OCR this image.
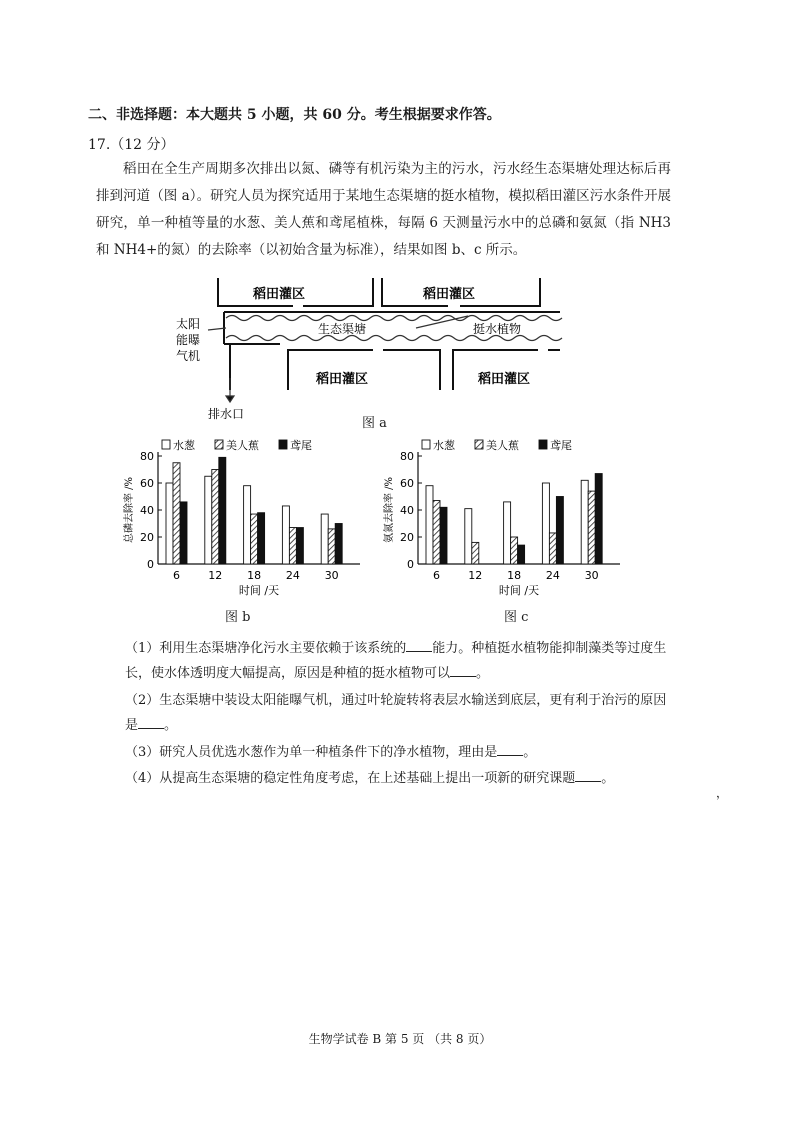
二、非选择题：本大题共 5 小题，共 60 分。考生根据要求作答。
17.（12 分）
稻田在全生产周期多次排出以氮、磷等有机污染为主的污水，污水经生态渠塘处理达标后再排到河道（图 a）。研究人员为探究适用于某地生态渠塘的挺水植物，模拟稻田灌区污水条件开展研究，单一种植等量的水葱、美人蕉和鸢尾植株，每隔 6 天测量污水中的总磷和氨氮（指 NH3 和 NH4+的氮）的去除率（以初始含量为标准），结果如图 b、c 所示。
稻田灌区	稻田灌区
稻田灌区	稻田灌区
太阳
能曝
气机
生态渠塘	挺水植物
排水口
图 a
0
20
40
60
80
总磷去除率 /%
时间 /天
6	12 18 24 30
水葱	美人蕉	鸢尾
图 b
0
20
40
60
80
氨氮去除率 /%
时间 /天
6	12 18 24 30
水葱	美人蕉	鸢尾
图 c
（1）利用生态渠塘净化污水主要依赖于该系统的 能力。种植挺水植物能抑制藻类等过度生长，使水体透明度大幅提高，原因是种植的挺水植物可以 。
（2）生态渠塘中装设太阳能曝气机，通过叶轮旋转将表层水输送到底层，更有利于治污的原因是 。
（3）研究人员优选水葱作为单一种植条件下的净水植物，理由是 。
（4）从提高生态渠塘的稳定性角度考虑，在上述基础上提出一项新的研究课题 。
，
生物学试卷 B 第 5 页 （共 8 页）
